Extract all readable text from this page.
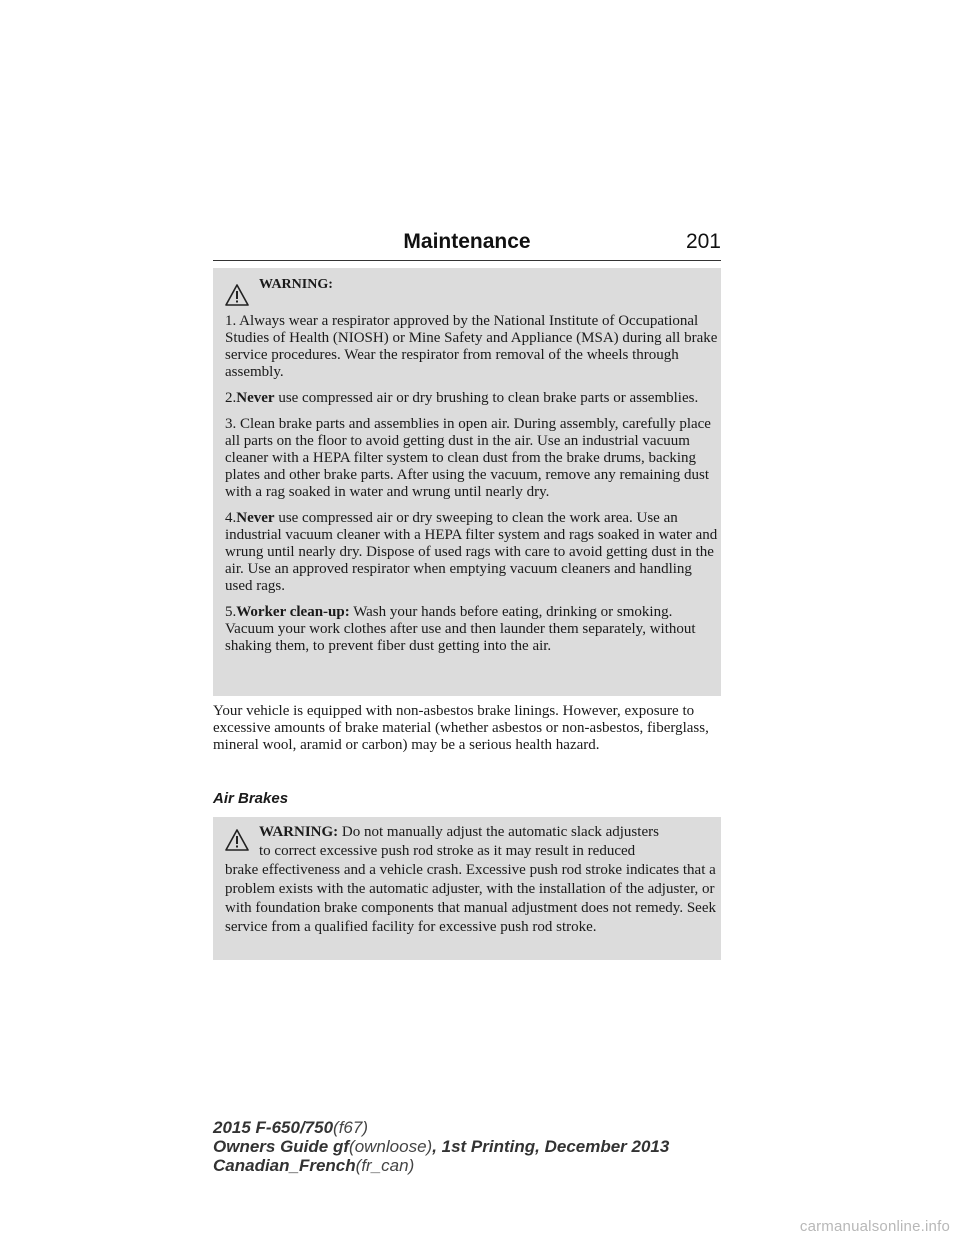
Maintenance	201

WARNING:

1. Always wear a respirator approved by the National Institute of Occupational Studies of Health (NIOSH) or Mine Safety and Appliance (MSA) during all brake service procedures. Wear the respirator from removal of the wheels through assembly.

2.Never use compressed air or dry brushing to clean brake parts or assemblies.

3. Clean brake parts and assemblies in open air. During assembly, carefully place all parts on the floor to avoid getting dust in the air. Use an industrial vacuum cleaner with a HEPA filter system to clean dust from the brake drums, backing plates and other brake parts. After using the vacuum, remove any remaining dust with a rag soaked in water and wrung until nearly dry.

4.Never use compressed air or dry sweeping to clean the work area. Use an industrial vacuum cleaner with a HEPA filter system and rags soaked in water and wrung until nearly dry. Dispose of used rags with care to avoid getting dust in the air. Use an approved respirator when emptying vacuum cleaners and handling used rags.

5.Worker clean-up: Wash your hands before eating, drinking or smoking. Vacuum your work clothes after use and then launder them separately, without shaking them, to prevent fiber dust getting into the air.

Your vehicle is equipped with non-asbestos brake linings. However, exposure to excessive amounts of brake material (whether asbestos or non-asbestos, fiberglass, mineral wool, aramid or carbon) may be a serious health hazard.

Air Brakes

WARNING: Do not manually adjust the automatic slack adjusters
to correct excessive push rod stroke as it may result in reduced
brake effectiveness and a vehicle crash. Excessive push rod stroke indicates that a problem exists with the automatic adjuster, with the installation of the adjuster, or with foundation brake components that manual adjustment does not remedy. Seek service from a qualified facility for excessive push rod stroke.
2015 F-650/750(f67)
Owners Guide gf(ownloose), 1st Printing, December 2013
Canadian_French(fr_can)
carmanualsonline.info
